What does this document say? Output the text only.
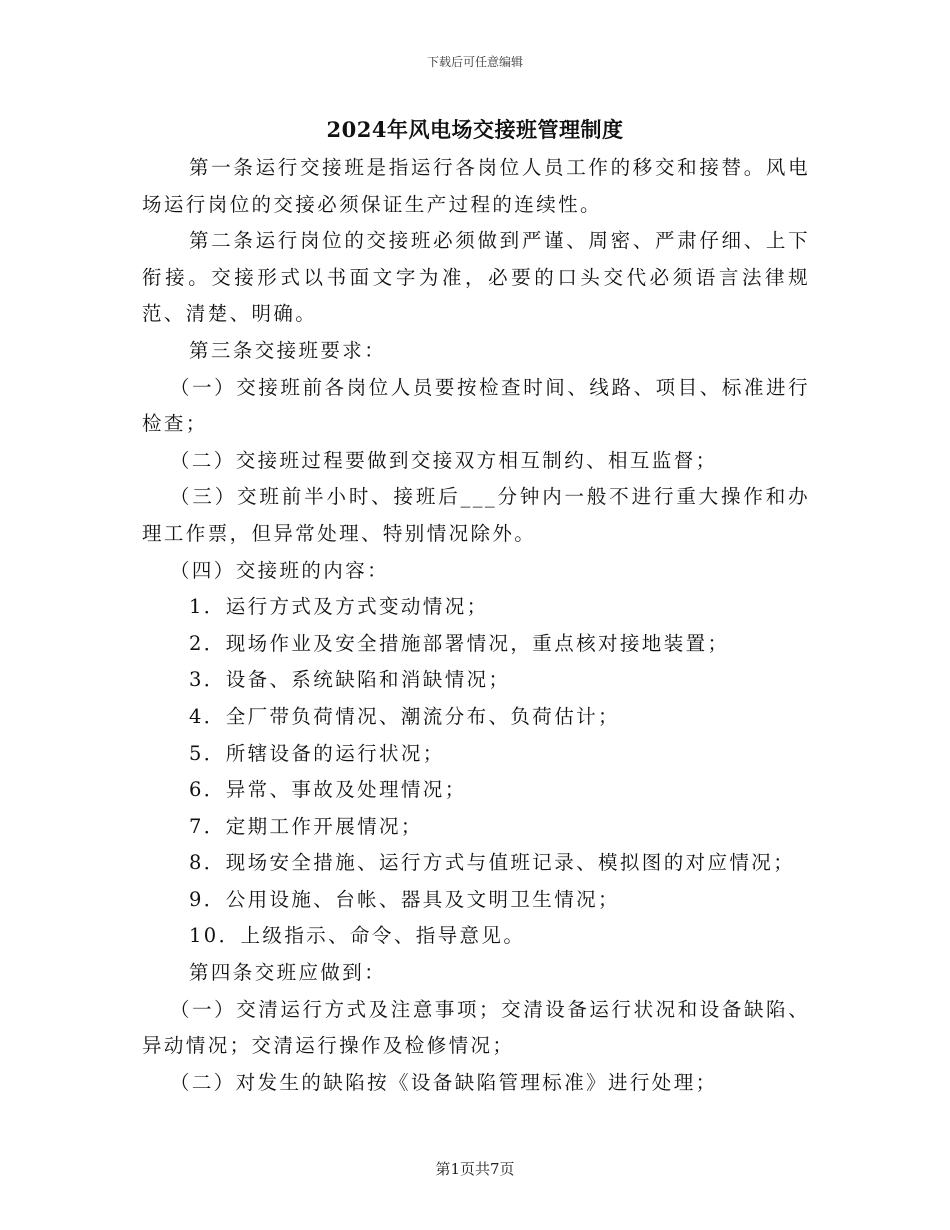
下载后可任意编辑
2024年风电场交接班管理制度

第一条运行交接班是指运行各岗位人员工作的移交和接替。风电场运行岗位的交接必须保证生产过程的连续性。

第二条运行岗位的交接班必须做到严谨、周密、严肃仔细、上下衔接。交接形式以书面文字为准，必要的口头交代必须语言法律规范、清楚、明确。

第三条交接班要求：

（一）交接班前各岗位人员要按检查时间、线路、项目、标准进行检查；

（二）交接班过程要做到交接双方相互制约、相互监督；

（三）交班前半小时、接班后___分钟内一般不进行重大操作和办理工作票，但异常处理、特别情况除外。

（四）交接班的内容：

1．运行方式及方式变动情况；

2．现场作业及安全措施部署情况，重点核对接地装置；

3．设备、系统缺陷和消缺情况；

4．全厂带负荷情况、潮流分布、负荷估计；

5．所辖设备的运行状况；

6．异常、事故及处理情况；

7．定期工作开展情况；

8．现场安全措施、运行方式与值班记录、模拟图的对应情况；

9．公用设施、台帐、器具及文明卫生情况；

10．上级指示、命令、指导意见。

第四条交班应做到：

（一）交清运行方式及注意事项；交清设备运行状况和设备缺陷、异动情况；交清运行操作及检修情况；

（二）对发生的缺陷按《设备缺陷管理标准》进行处理；

第1页共7页
